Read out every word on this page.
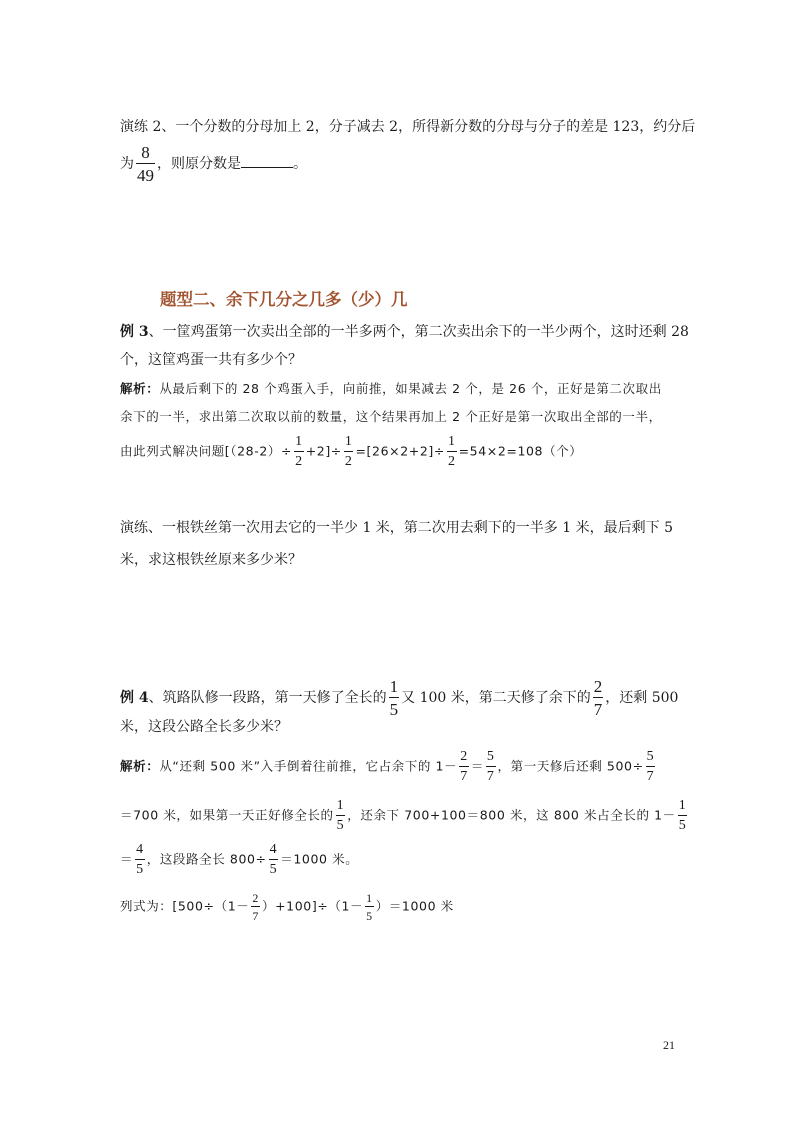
演练 2、一个分数的分母加上 2，分子减去 2，所得新分数的分母与分子的差是 123，约分后
为 $\frac{8}{49}$ ，则原分数是	。
题型二、余下几分之几多（少）几
例 3、一筐鸡蛋第一次卖出全部的一半多两个，第二次卖出余下的一半少两个，这时还剩 28
个，这筐鸡蛋一共有多少个？
解析：从最后剩下的 28 个鸡蛋入手，向前推，如果减去 2 个，是 26 个，正好是第二次取出
余下的一半，求出第二次取以前的数量，这个结果再加上 2 个正好是第一次取出全部的一半，
由此列式解决问题$[(28-2)\div \frac{1}{2} +2]\div \frac{1}{2} =[26\times 2+2]\div \frac{1}{2} =54\times 2=108$（个）
演练、一根铁丝第一次用去它的一半少 1 米，第二次用去剩下的一半多 1 米，最后剩下 5
米，求这根铁丝原来多少米？
例 4、筑路队修一段路，第一天修了全长的 $\frac{1}{5}$ 又 100 米，第二天修了余下的 $\frac{2}{7}$ ，还剩 500
米，这段公路全长多少米？
解析：从“还剩 500 米”入手倒着往前推，它占余下的 $1- \frac{2}{7} = \frac{5}{7}$ ，第一天修后还剩 $500\div \frac{5}{7}$
＝700 米，如果第一天正好修全长的 $\frac{1}{5}$ ，还余下 700+100＝800 米，这 800 米占全长的 $1- \frac{1}{5}$
＝ $\frac{4}{5}$ ，这段路全长 $800\div \frac{4}{5} =1000$ 米。
列式为：$[500\div(1- \frac{2}{7} )+100]\div(1- \frac{1}{5} )=1000$ 米
21
